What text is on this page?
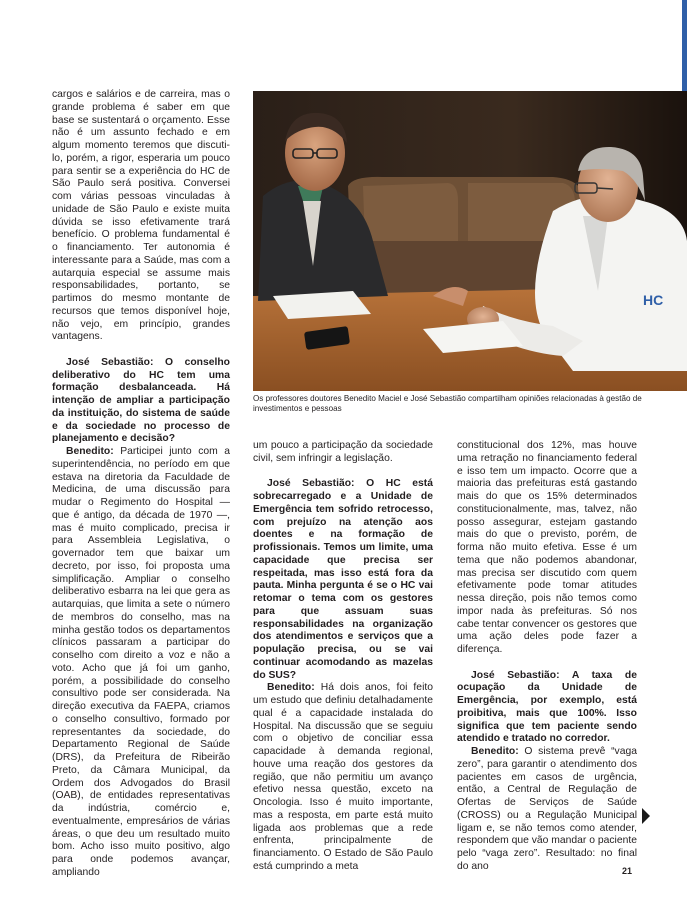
cargos e salários e de carreira, mas o grande problema é saber em que base se sustentará o orçamento. Esse não é um assunto fechado e em algum momento teremos que discuti-lo, porém, a rigor, esperaria um pouco para sentir se a experiência do HC de São Paulo será positiva. Conversei com várias pessoas vinculadas à unidade de São Paulo e existe muita dúvida se isso efetivamente trará benefício. O problema fundamental é o financiamento. Ter autonomia é interessante para a Saúde, mas com a autarquia especial se assume mais responsabilidades, portanto, se partimos do mesmo montante de recursos que temos disponível hoje, não vejo, em princípio, grandes vantagens.

José Sebastião: O conselho deliberativo do HC tem uma formação desbalanceada. Há intenção de ampliar a participação da instituição, do sistema de saúde e da sociedade no processo de planejamento e decisão?

Benedito: Participei junto com a superintendência, no período em que estava na diretoria da Faculdade de Medicina, de uma discussão para mudar o Regimento do Hospital — que é antigo, da década de 1970 —, mas é muito complicado, precisa ir para Assembleia Legislativa, o governador tem que baixar um decreto, por isso, foi proposta uma simplificação. Ampliar o conselho deliberativo esbarra na lei que gera as autarquias, que limita a sete o número de membros do conselho, mas na minha gestão todos os departamentos clínicos passaram a participar do conselho com direito a voz e não a voto. Acho que já foi um ganho, porém, a possibilidade do conselho consultivo pode ser considerada. Na direção executiva da FAEPA, criamos o conselho consultivo, formado por representantes da sociedade, do Departamento Regional de Saúde (DRS), da Prefeitura de Ribeirão Preto, da Câmara Municipal, da Ordem dos Advogados do Brasil (OAB), de entidades representativas da indústria, comércio e, eventualmente, empresários de várias áreas, o que deu um resultado muito bom. Acho isso muito positivo, algo para onde podemos avançar, ampliando

HC
Os professores doutores Benedito Maciel e José Sebastião compartilham opiniões relacionadas à gestão de investimentos e pessoas

um pouco a participação da sociedade civil, sem infringir a legislação.

José Sebastião: O HC está sobrecarregado e a Unidade de Emergência tem sofrido retrocesso, com prejuízo na atenção aos doentes e na formação de profissionais. Temos um limite, uma capacidade que precisa ser respeitada, mas isso está fora da pauta. Minha pergunta é se o HC vai retomar o tema com os gestores para que assuam suas responsabilidades na organização dos atendimentos e serviços que a população precisa, ou se vai continuar acomodando as mazelas do SUS?

Benedito: Há dois anos, foi feito um estudo que definiu detalhadamente qual é a capacidade instalada do Hospital. Na discussão que se seguiu com o objetivo de conciliar essa capacidade à demanda regional, houve uma reação dos gestores da região, que não permitiu um avanço efetivo nessa questão, exceto na Oncologia. Isso é muito importante, mas a resposta, em parte está muito ligada aos problemas que a rede enfrenta, principalmente de financiamento. O Estado de São Paulo está cumprindo a meta

constitucional dos 12%, mas houve uma retração no financiamento federal e isso tem um impacto. Ocorre que a maioria das prefeituras está gastando mais do que os 15% determinados constitucionalmente, mas, talvez, não posso assegurar, estejam gastando mais do que o previsto, porém, de forma não muito efetiva. Esse é um tema que não podemos abandonar, mas precisa ser discutido com quem efetivamente pode tomar atitudes nessa direção, pois não temos como impor nada às prefeituras. Só nos cabe tentar convencer os gestores que uma ação deles pode fazer a diferença.

José Sebastião: A taxa de ocupação da Unidade de Emergência, por exemplo, está proibitiva, mais que 100%. Isso significa que tem paciente sendo atendido e tratado no corredor.

Benedito: O sistema prevê “vaga zero”, para garantir o atendimento dos pacientes em casos de urgência, então, a Central de Regulação de Ofertas de Serviços de Saúde (CROSS) ou a Regulação Municipal ligam e, se não temos como atender, respondem que vão mandar o paciente pelo “vaga zero”. Resultado: no final do ano	21
